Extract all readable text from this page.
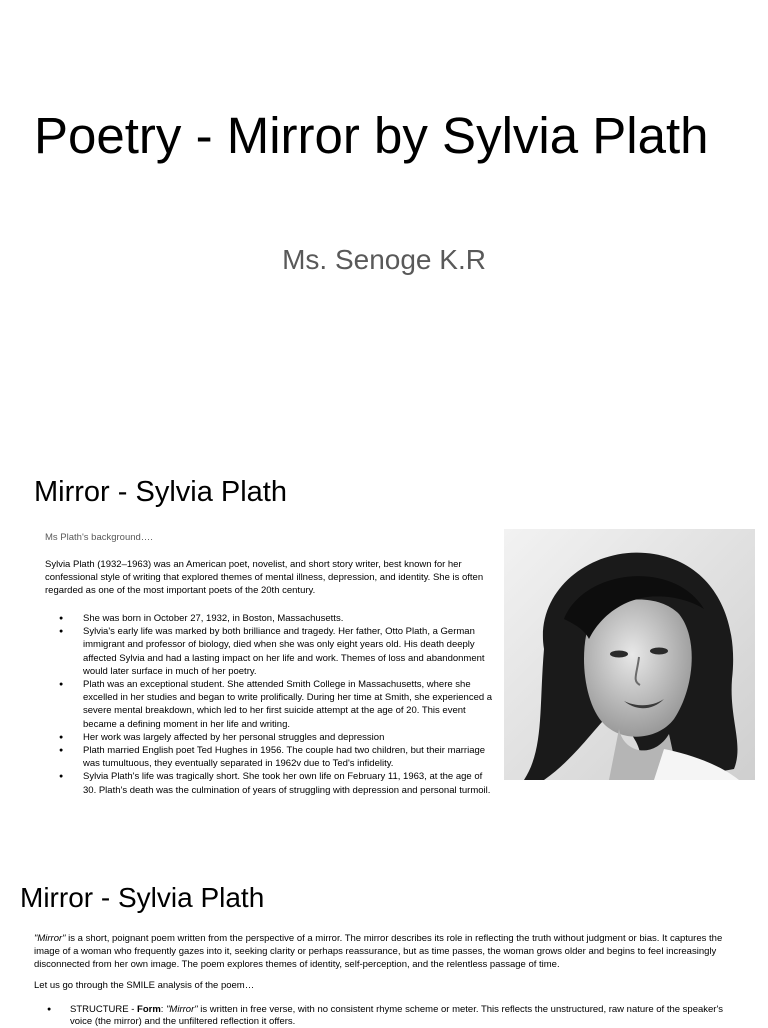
Poetry - Mirror by Sylvia Plath

Ms. Senoge K.R

Mirror - Sylvia Plath
Ms Plath's background….

Sylvia Plath (1932–1963) was an American poet, novelist, and short story writer, best known for her confessional style of writing that explored themes of mental illness, depression, and identity. She is often regarded as one of the most important poets of the 20th century.

● She was born in October 27, 1932, in Boston, Massachusetts.
● Sylvia's early life was marked by both brilliance and tragedy. Her father, Otto Plath, a German immigrant and professor of biology, died when she was only eight years old. His death deeply affected Sylvia and had a lasting impact on her life and work. Themes of loss and abandonment would later surface in much of her poetry.
● Plath was an exceptional student. She attended Smith College in Massachusetts, where she excelled in her studies and began to write prolifically. During her time at Smith, she experienced a severe mental breakdown, which led to her first suicide attempt at the age of 20. This event became a defining moment in her life and writing.
● Her work was largely affected by her personal struggles and depression
● Plath married English poet Ted Hughes in 1956. The couple had two children, but their marriage was tumultuous, they eventually separated in 1962v due to Ted's infidelity.
● Sylvia Plath's life was tragically short. She took her own life on February 11, 1963, at the age of 30. Plath's death was the culmination of years of struggling with depression and personal turmoil.
Mirror - Sylvia Plath

"Mirror" is a short, poignant poem written from the perspective of a mirror. The mirror describes its role in reflecting the truth without judgment or bias. It captures the image of a woman who frequently gazes into it, seeking clarity or perhaps reassurance, but as time passes, the woman grows older and begins to feel increasingly disconnected from her own image. The poem explores themes of identity, self-perception, and the relentless passage of time.

Let us go through the SMILE analysis of the poem…

● STRUCTURE - Form: "Mirror" is written in free verse, with no consistent rhyme scheme or meter. This reflects the unstructured, raw nature of the speaker's voice (the mirror) and the unfiltered reflection it offers.
